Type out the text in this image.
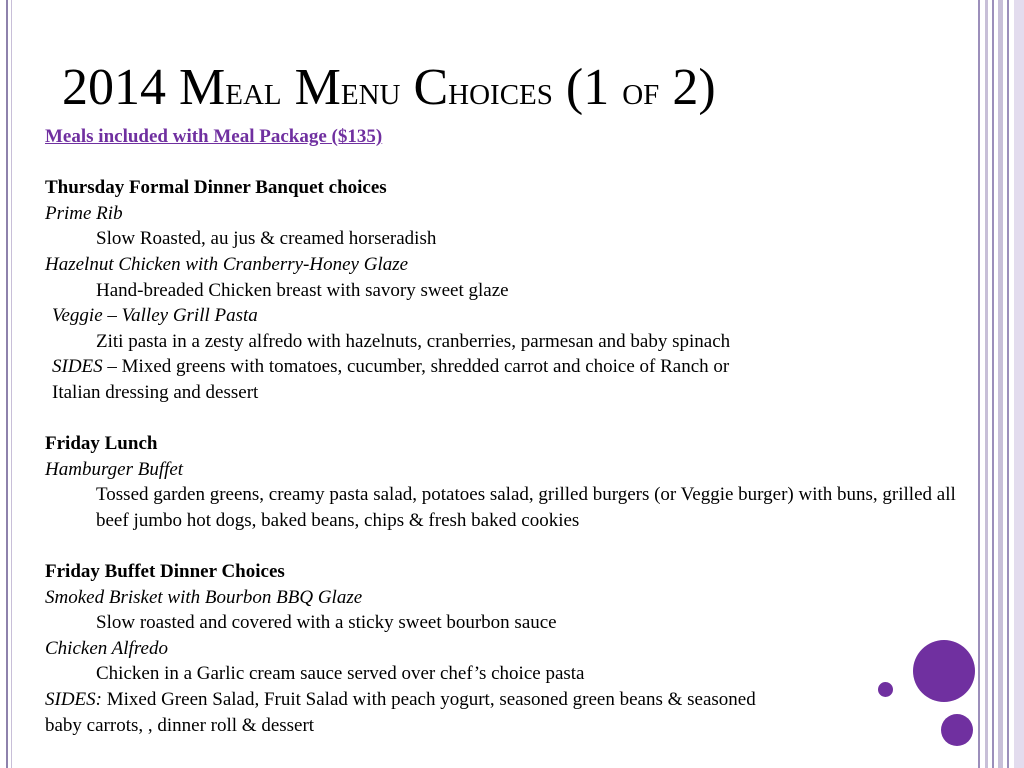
2014 Meal Menu Choices (1 of 2)

Meals included with Meal Package ($135)

Thursday Formal Dinner Banquet choices

Prime Rib

Slow Roasted, au jus & creamed horseradish

Hazelnut Chicken with Cranberry-Honey Glaze

Hand-breaded Chicken breast with savory sweet glaze

Veggie – Valley Grill Pasta

Ziti pasta in a zesty alfredo with hazelnuts, cranberries, parmesan and baby spinach

SIDES – Mixed greens with tomatoes, cucumber, shredded carrot and choice of Ranch or

Italian dressing and dessert

Friday Lunch

Hamburger Buffet

Tossed garden greens, creamy pasta salad, potatoes salad, grilled burgers (or Veggie burger) with buns, grilled all beef jumbo hot dogs, baked beans, chips & fresh baked cookies

Friday Buffet Dinner Choices

Smoked Brisket with Bourbon BBQ Glaze

Slow roasted and covered with a sticky sweet bourbon sauce

Chicken Alfredo

Chicken in a Garlic cream sauce served over chef’s choice pasta

SIDES: Mixed Green Salad, Fruit Salad with peach yogurt, seasoned green beans & seasoned

baby carrots, , dinner roll & dessert
